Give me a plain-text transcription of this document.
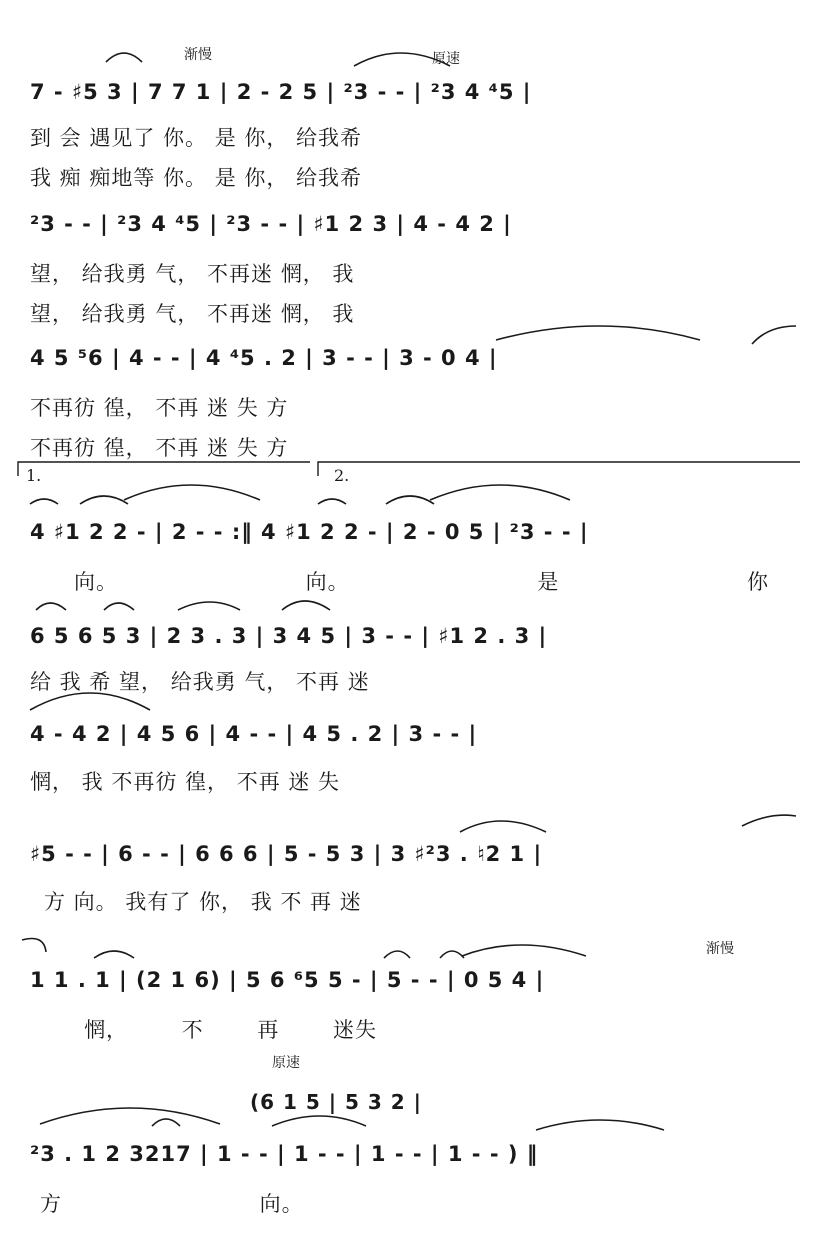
渐慢	原速
渐慢
原速
1.	2.
7 - ♯5 3 | 7 7 1 | 2 - 2 5 | ²3 - - | ²3 4 ⁴5 |
到 会 遇见了 你。 是 你， 给我希
我 痴 痴地等 你。 是 你， 给我希
²3 - - | ²3 4 ⁴5 | ²3 - - | ♯1 2 3 | 4 - 4 2 |
望， 给我勇 气， 不再迷 惘， 我
望， 给我勇 气， 不再迷 惘， 我
4 5 ⁵6 | 4 - - | 4 ⁴5 . 2 | 3 - - | 3 - 0 4 |
不再彷 徨， 不再 迷 失 方
不再彷 徨， 不再 迷 失 方
4 ♯1 2 2 - | 2 - - :‖ 4 ♯1 2 2 - | 2 - 0 5 | ²3 - - |
向。 向。 是 你
6 5 6 5 3 | 2 3 . 3 | 3 4 5 | 3 - - | ♯1 2 . 3 |
给 我 希 望， 给我勇 气， 不再 迷
4 - 4 2 | 4 5 6 | 4 - - | 4 5 . 2 | 3 - - |
惘， 我 不再彷 徨， 不再 迷 失
♯5 - - | 6 - - | 6 6 6 | 5 - 5 3 | 3 ♯²3 . ♮2 1 |
方 向。 我有了 你， 我 不 再 迷
1 1 . 1 | (2 1 6) | 5 6 ⁶5 5 - | 5 - - | 0 5 4 |
惘， 不 再 迷失
(6 1 5 | 5 3 2 |
²3 . 1 2 3217 | 1 - - | 1 - - | 1 - - | 1 - - ) ‖
方 向。
